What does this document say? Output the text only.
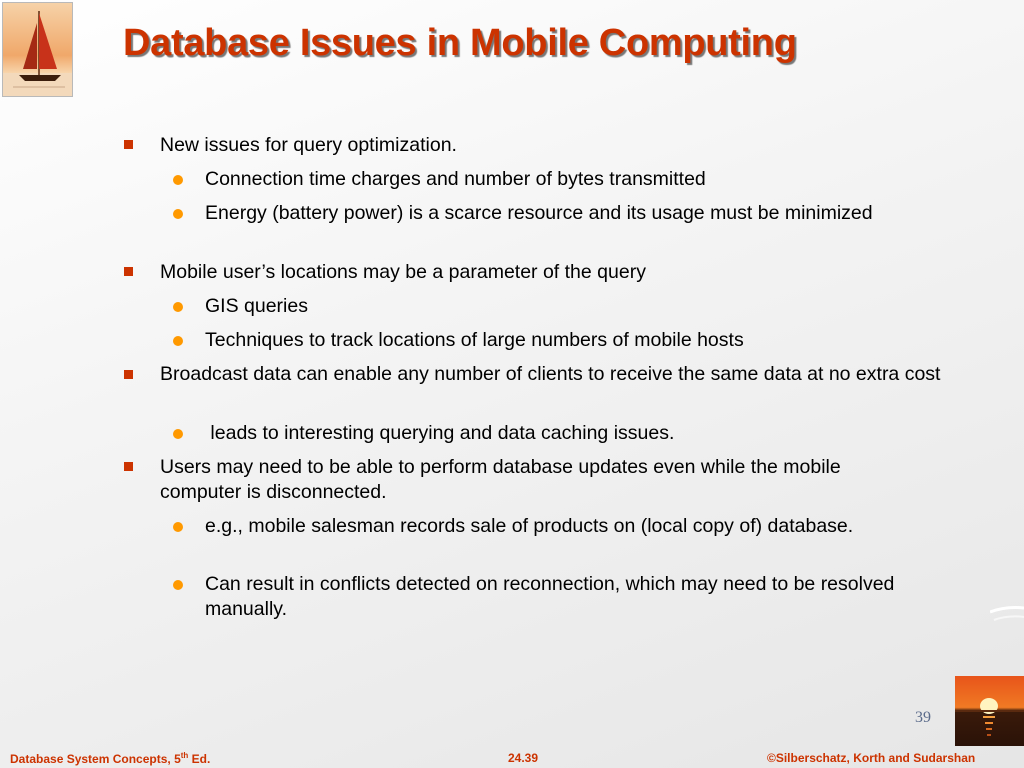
Database Issues in Mobile Computing
New issues for query optimization.
Connection time charges and number of bytes transmitted
Energy (battery power) is a scarce resource and its usage must be minimized
Mobile user’s locations may be a parameter of the query
GIS queries
Techniques to track locations of large numbers of mobile hosts
Broadcast data can enable any number of clients to receive the same data at no extra cost
leads to interesting querying and data caching issues.
Users may need to be able to perform database updates even while the mobile computer is disconnected.
e.g., mobile salesman records sale of products on (local copy of) database.
Can result in conflicts detected on reconnection, which may need to be resolved manually.
39
Database System Concepts, 5th Ed.	24.39	©Silberschatz, Korth and Sudarshan
